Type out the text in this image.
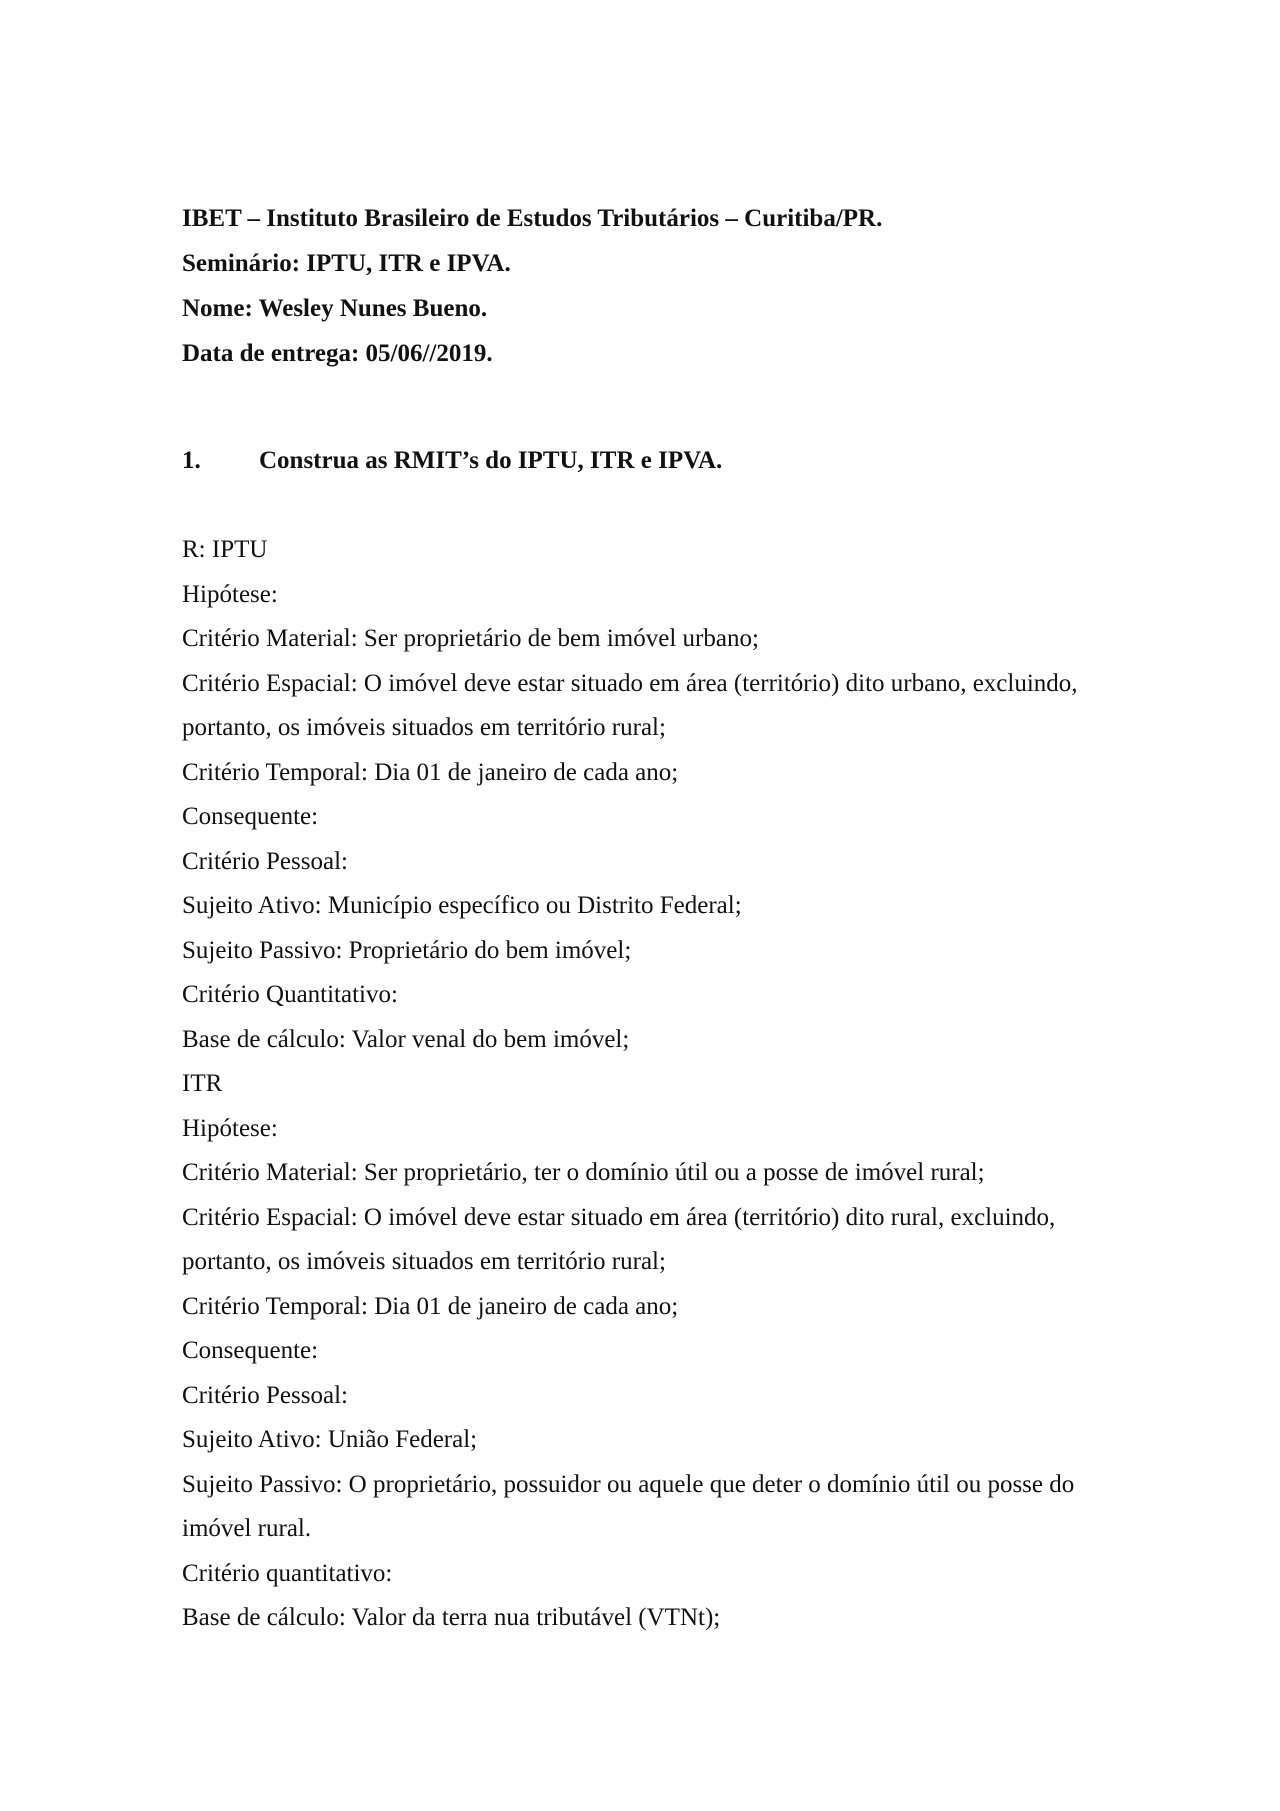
IBET – Instituto Brasileiro de Estudos Tributários – Curitiba/PR.
Seminário: IPTU, ITR e IPVA.
Nome: Wesley Nunes Bueno.
Data de entrega: 05/06//2019.
1. Construa as RMIT’s do IPTU, ITR e IPVA.
R: IPTU
Hipótese:
Critério Material: Ser proprietário de bem imóvel urbano;
Critério Espacial: O imóvel deve estar situado em área (território) dito urbano, excluindo,
portanto, os imóveis situados em território rural;
Critério Temporal: Dia 01 de janeiro de cada ano;
Consequente:
Critério Pessoal:
Sujeito Ativo: Município específico ou Distrito Federal;
Sujeito Passivo: Proprietário do bem imóvel;
Critério Quantitativo:
Base de cálculo: Valor venal do bem imóvel;
ITR
Hipótese:
Critério Material: Ser proprietário, ter o domínio útil ou a posse de imóvel rural;
Critério Espacial: O imóvel deve estar situado em área (território) dito rural, excluindo,
portanto, os imóveis situados em território rural;
Critério Temporal: Dia 01 de janeiro de cada ano;
Consequente:
Critério Pessoal:
Sujeito Ativo: União Federal;
Sujeito Passivo: O proprietário, possuidor ou aquele que deter o domínio útil ou posse do
imóvel rural.
Critério quantitativo:
Base de cálculo: Valor da terra nua tributável (VTNt);
